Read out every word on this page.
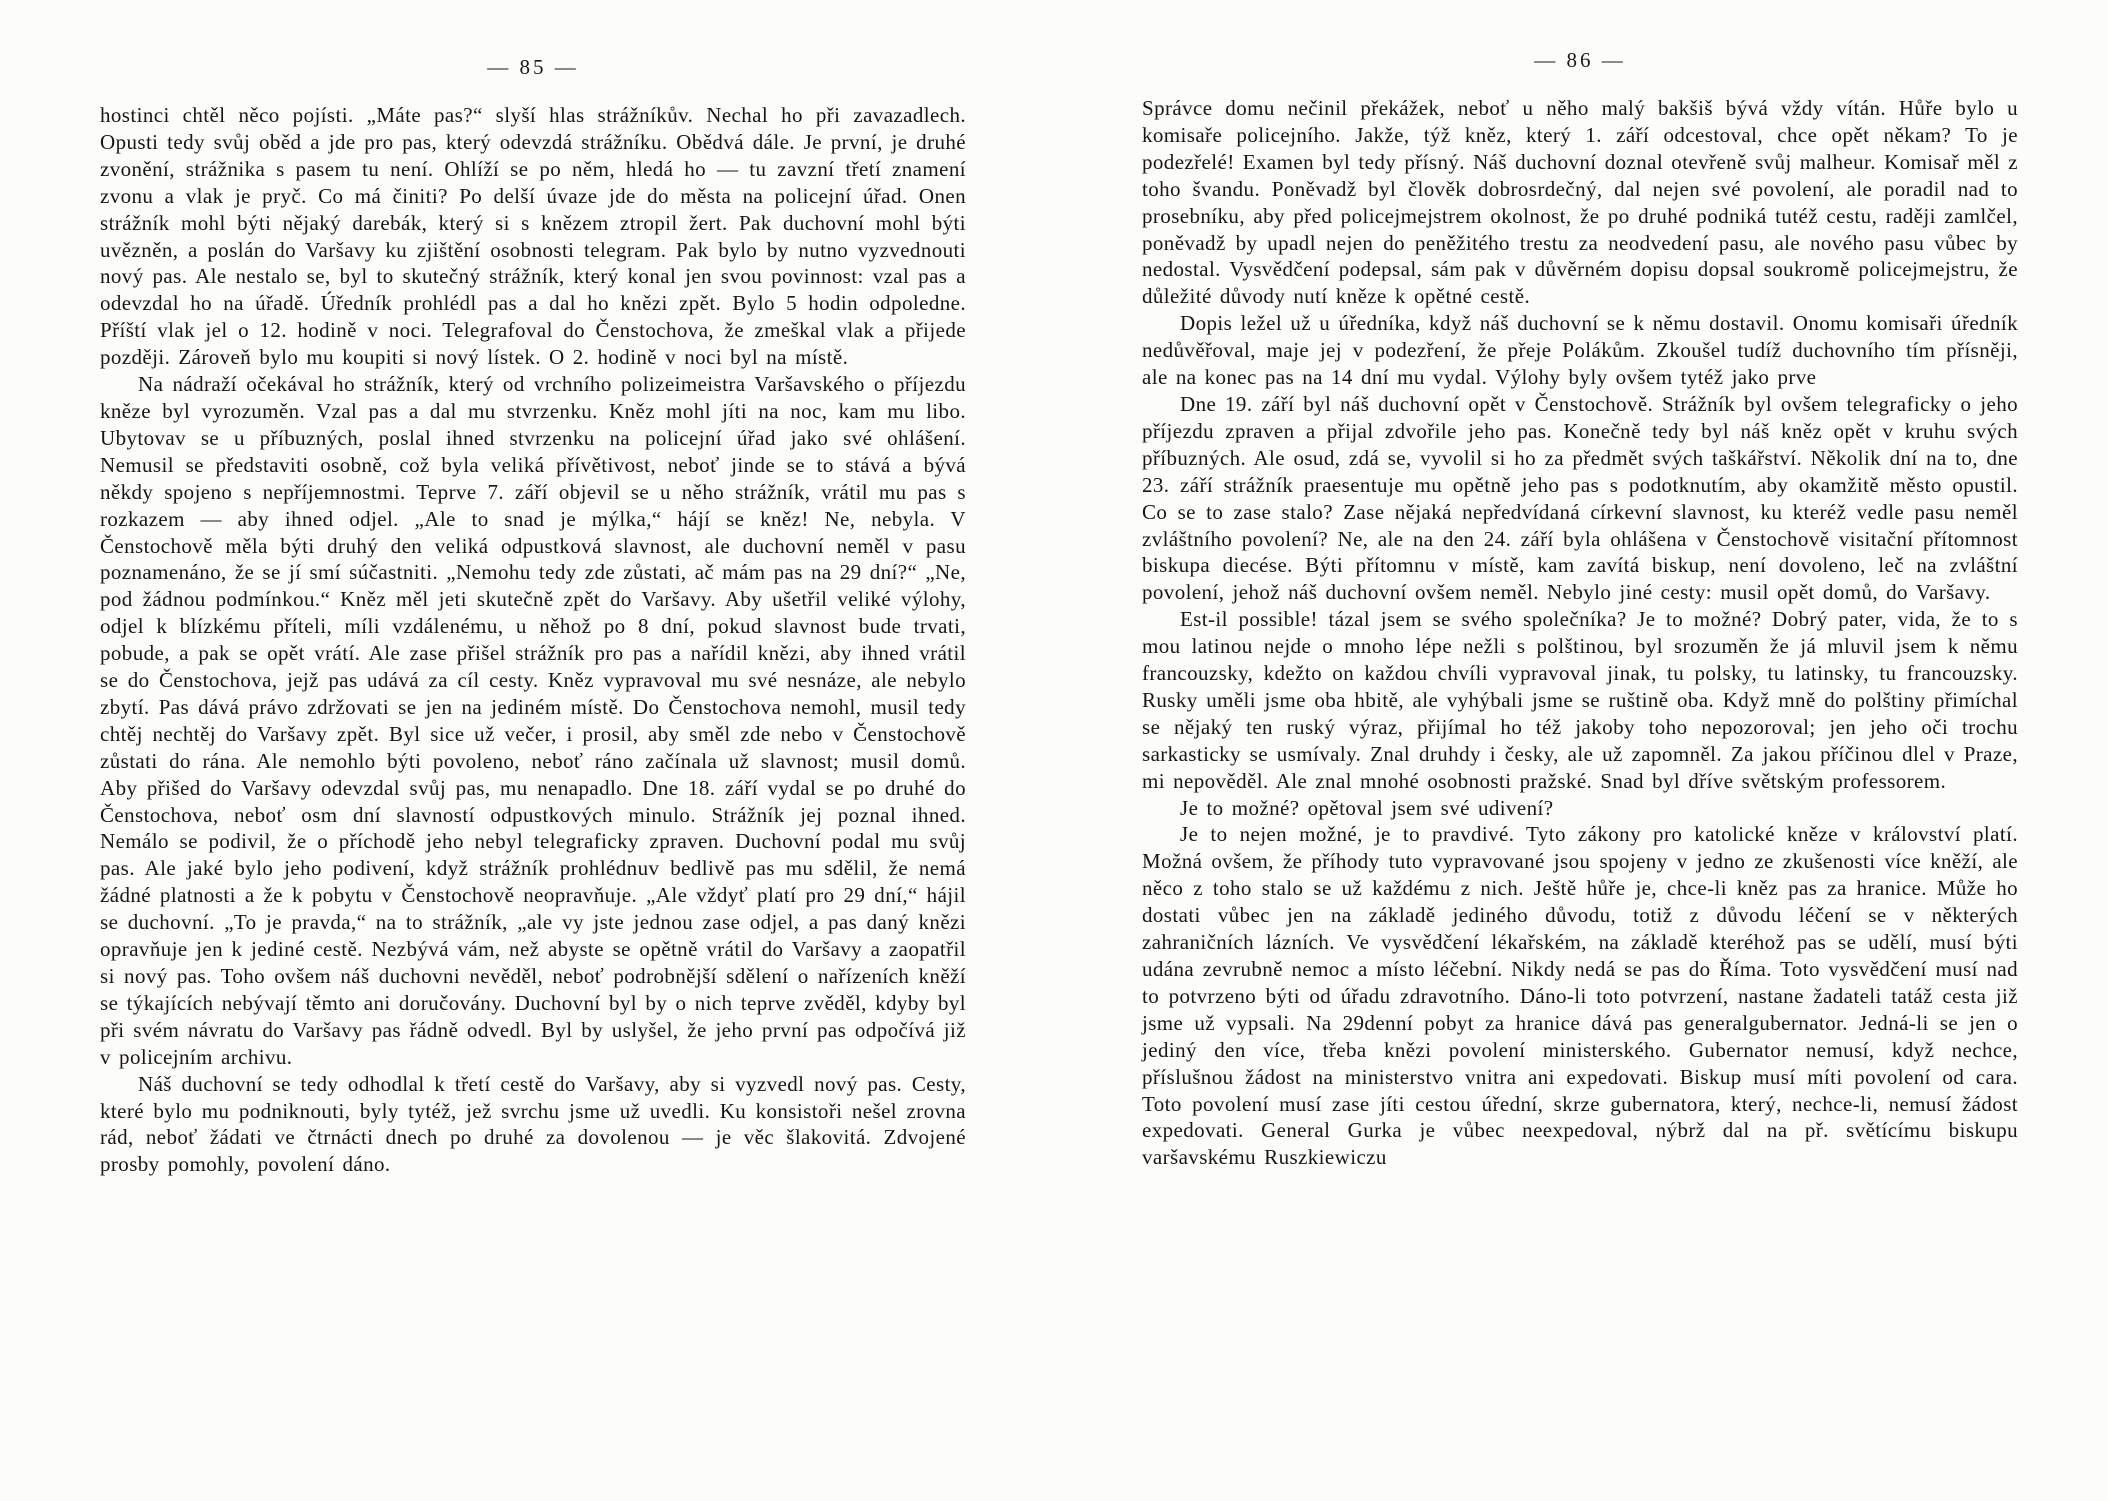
— 85 —

hostinci chtěl něco pojísti. „Máte pas?“ slyší hlas strážníkův. Nechal ho při zavazadlech. Opusti tedy svůj oběd a jde pro pas, který odevzdá strážníku. Obědvá dále. Je první, je druhé zvonění, strážnika s pasem tu není. Ohlíží se po něm, hledá ho — tu zavzní třetí znamení zvonu a vlak je pryč. Co má činiti? Po delší úvaze jde do města na policejní úřad. Onen strážník mohl býti nějaký darebák, který si s knězem ztropil žert. Pak duchovní mohl býti uvězněn, a poslán do Varšavy ku zjištění osobnosti telegram. Pak bylo by nutno vyzvednouti nový pas. Ale nestalo se, byl to skutečný strážník, který konal jen svou povinnost: vzal pas a odevzdal ho na úřadě. Úředník prohlédl pas a dal ho knězi zpět. Bylo 5 hodin odpoledne. Příští vlak jel o 12. hodině v noci. Telegrafoval do Čenstochova, že zmeškal vlak a přijede později. Zároveň bylo mu koupiti si nový lístek. O 2. hodině v noci byl na místě.

Na nádraží očekával ho strážník, který od vrchního polizeimeistra Varšavského o příjezdu kněze byl vyrozuměn. Vzal pas a dal mu stvrzenku. Kněz mohl jíti na noc, kam mu libo. Ubytovav se u příbuzných, poslal ihned stvrzenku na policejní úřad jako své ohlášení. Nemusil se představiti osobně, což byla veliká přívětivost, neboť jinde se to stává a bývá někdy spojeno s nepříjemnostmi. Teprve 7. září objevil se u něho strážník, vrátil mu pas s rozkazem — aby ihned odjel. „Ale to snad je mýlka,“ hájí se kněz! Ne, nebyla. V Čenstochově měla býti druhý den veliká odpustková slavnost, ale duchovní neměl v pasu poznamenáno, že se jí smí súčastniti. „Nemohu tedy zde zůstati, ač mám pas na 29 dní?“ „Ne, pod žádnou podmínkou.“ Kněz měl jeti skutečně zpět do Varšavy. Aby ušetřil veliké výlohy, odjel k blízkému příteli, míli vzdálenému, u něhož po 8 dní, pokud slavnost bude trvati, pobude, a pak se opět vrátí. Ale zase přišel strážník pro pas a nařídil knězi, aby ihned vrátil se do Čenstochova, jejž pas udává za cíl cesty. Kněz vypravoval mu své nesnáze, ale nebylo zbytí. Pas dává právo zdržovati se jen na jediném místě. Do Čenstochova nemohl, musil tedy chtěj nechtěj do Varšavy zpět. Byl sice už večer, i prosil, aby směl zde nebo v Čenstochově zůstati do rána. Ale nemohlo býti povoleno, neboť ráno začínala už slavnost; musil domů. Aby přišed do Varšavy odevzdal svůj pas, mu nenapadlo. Dne 18. září vydal se po druhé do Čenstochova, neboť osm dní slavností odpustkových minulo. Strážník jej poznal ihned. Nemálo se podivil, že o příchodě jeho nebyl telegraficky zpraven. Duchovní podal mu svůj pas. Ale jaké bylo jeho podivení, když strážník prohlédnuv bedlivě pas mu sdělil, že nemá žádné platnosti a že k pobytu v Čenstochově neopravňuje. „Ale vždyť platí pro 29 dní,“ hájil se duchovní. „To je pravda,“ na to strážník, „ale vy jste jednou zase odjel, a pas daný knězi opravňuje jen k jediné cestě. Nezbývá vám, než abyste se opětně vrátil do Varšavy a zaopatřil si nový pas. Toho ovšem náš duchovni nevěděl, neboť podrobnější sdělení o nařízeních kněží se týkajících nebývají těmto ani doručovány. Duchovní byl by o nich teprve zvěděl, kdyby byl při svém návratu do Varšavy pas řádně odvedl. Byl by uslyšel, že jeho první pas odpočívá již v policejním archivu.

Náš duchovní se tedy odhodlal k třetí cestě do Varšavy, aby si vyzvedl nový pas. Cesty, které bylo mu podniknouti, byly tytéž, jež svrchu jsme už uvedli. Ku konsistoři nešel zrovna rád, neboť žádati ve čtrnácti dnech po druhé za dovolenou — je věc šlakovitá. Zdvojené prosby pomohly, povolení dáno.

— 86 —

Správce domu nečinil překážek, neboť u něho malý bakšiš bývá vždy vítán. Hůře bylo u komisaře policejního. Jakže, týž kněz, který 1. září odcestoval, chce opět někam? To je podezřelé! Examen byl tedy přísný. Náš duchovní doznal otevřeně svůj malheur. Komisař měl z toho švandu. Poněvadž byl člověk dobrosrdečný, dal nejen své povolení, ale poradil nad to prosebníku, aby před policejmejstrem okolnost, že po druhé podniká tutéž cestu, raději zamlčel, poněvadž by upadl nejen do peněžitého trestu za neodvedení pasu, ale nového pasu vůbec by nedostal. Vysvědčení podepsal, sám pak v důvěrném dopisu dopsal soukromě policejmejstru, že důležité důvody nutí kněze k opětné cestě.

Dopis ležel už u úředníka, když náš duchovní se k němu dostavil. Onomu komisaři úředník nedůvěřoval, maje jej v podezření, že přeje Polákům. Zkoušel tudíž duchovního tím přísněji, ale na konec pas na 14 dní mu vydal. Výlohy byly ovšem tytéž jako prve

Dne 19. září byl náš duchovní opět v Čenstochově. Strážník byl ovšem telegraficky o jeho příjezdu zpraven a přijal zdvořile jeho pas. Konečně tedy byl náš kněz opět v kruhu svých příbuzných. Ale osud, zdá se, vyvolil si ho za předmět svých taškářství. Několik dní na to, dne 23. září strážník praesentuje mu opětně jeho pas s podotknutím, aby okamžitě město opustil. Co se to zase stalo? Zase nějaká nepředvídaná církevní slavnost, ku kteréž vedle pasu neměl zvláštního povolení? Ne, ale na den 24. září byla ohlášena v Čenstochově visitační přítomnost biskupa diecése. Býti přítomnu v místě, kam zavítá biskup, není dovoleno, leč na zvláštní povolení, jehož náš duchovní ovšem neměl. Nebylo jiné cesty: musil opět domů, do Varšavy.

Est-il possible! tázal jsem se svého společníka? Je to možné? Dobrý pater, vida, že to s mou latinou nejde o mnoho lépe nežli s polštinou, byl srozuměn že já mluvil jsem k němu francouzsky, kdežto on každou chvíli vypravoval jinak, tu polsky, tu latinsky, tu francouzsky. Rusky uměli jsme oba hbitě, ale vyhýbali jsme se ruštině oba. Když mně do polštiny přimíchal se nějaký ten ruský výraz, přijímal ho též jakoby toho nepozoroval; jen jeho oči trochu sarkasticky se usmívaly. Znal druhdy i česky, ale už zapomněl. Za jakou příčinou dlel v Praze, mi nepověděl. Ale znal mnohé osobnosti pražské. Snad byl dříve světským professorem.

Je to možné? opětoval jsem své udivení?

Je to nejen možné, je to pravdivé. Tyto zákony pro katolické kněze v království platí. Možná ovšem, že příhody tuto vypravované jsou spojeny v jedno ze zkušenosti více kněží, ale něco z toho stalo se už každému z nich. Ještě hůře je, chce-li kněz pas za hranice. Může ho dostati vůbec jen na základě jediného důvodu, totiž z důvodu léčení se v některých zahraničních lázních. Ve vysvědčení lékařském, na základě kteréhož pas se udělí, musí býti udána zevrubně nemoc a místo léčební. Nikdy nedá se pas do Říma. Toto vysvědčení musí nad to potvrzeno býti od úřadu zdravotního. Dáno-li toto potvrzení, nastane žadateli tatáž cesta již jsme už vypsali. Na 29denní pobyt za hranice dává pas generalgubernator. Jedná-li se jen o jediný den více, třeba knězi povolení ministerského. Gubernator nemusí, když nechce, příslušnou žádost na ministerstvo vnitra ani expedovati. Biskup musí míti povolení od cara. Toto povolení musí zase jíti cestou úřední, skrze gubernatora, který, nechce-li, nemusí žádost expedovati. General Gurka je vůbec neexpedoval, nýbrž dal na př. světícímu biskupu varšavskému Ruszkiewiczu
